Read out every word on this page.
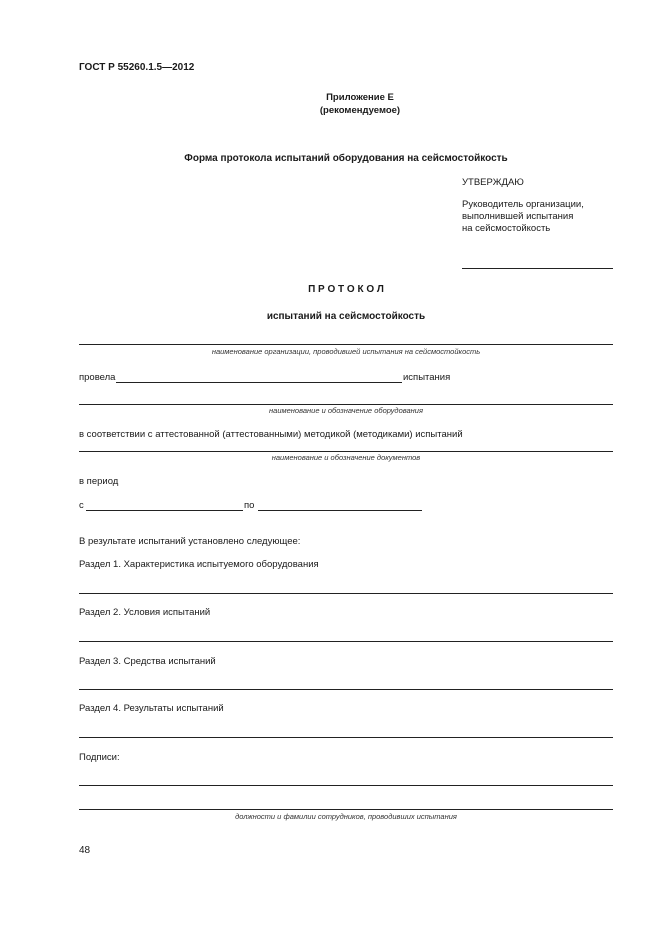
ГОСТ Р 55260.1.5—2012
Приложение Е
(рекомендуемое)
Форма протокола испытаний оборудования на сейсмостойкость
УТВЕРЖДАЮ
Руководитель организации,
выполнившей испытания
на сейсмостойкость
П Р О Т О К О Л
испытаний на сейсмостойкость
наименование организации, проводившей испытания на сейсмостойкость
провела	испытания
наименование и обозначение оборудования
в соответствии с аттестованной (аттестованными) методикой (методиками) испытаний
наименование и обозначение документов
в период
с	по
В результате испытаний установлено следующее:
Раздел 1. Характеристика испытуемого оборудования
Раздел 2. Условия испытаний
Раздел 3. Средства испытаний
Раздел 4. Результаты испытаний
Подписи:
должности и фамилии сотрудников, проводивших испытания
48
